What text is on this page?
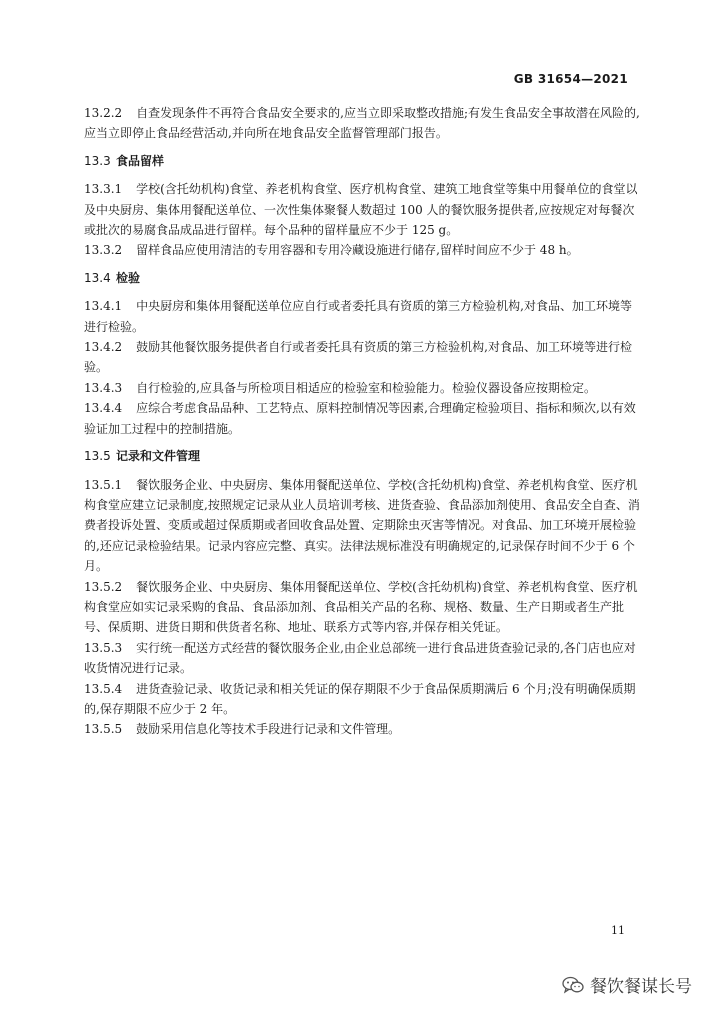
GB 31654—2021

13.2.2 自查发现条件不再符合食品安全要求的,应当立即采取整改措施;有发生食品安全事故潜在风险的,应当立即停止食品经营活动,并向所在地食品安全监督管理部门报告。

13.3 食品留样

13.3.1 学校(含托幼机构)食堂、养老机构食堂、医疗机构食堂、建筑工地食堂等集中用餐单位的食堂以及中央厨房、集体用餐配送单位、一次性集体聚餐人数超过 100 人的餐饮服务提供者,应按规定对每餐次或批次的易腐食品成品进行留样。每个品种的留样量应不少于 125 g。

13.3.2 留样食品应使用清洁的专用容器和专用冷藏设施进行储存,留样时间应不少于 48 h。

13.4 检验

13.4.1 中央厨房和集体用餐配送单位应自行或者委托具有资质的第三方检验机构,对食品、加工环境等进行检验。

13.4.2 鼓励其他餐饮服务提供者自行或者委托具有资质的第三方检验机构,对食品、加工环境等进行检验。

13.4.3 自行检验的,应具备与所检项目相适应的检验室和检验能力。检验仪器设备应按期检定。

13.4.4 应综合考虑食品品种、工艺特点、原料控制情况等因素,合理确定检验项目、指标和频次,以有效验证加工过程中的控制措施。

13.5 记录和文件管理

13.5.1 餐饮服务企业、中央厨房、集体用餐配送单位、学校(含托幼机构)食堂、养老机构食堂、医疗机构食堂应建立记录制度,按照规定记录从业人员培训考核、进货查验、食品添加剂使用、食品安全自查、消费者投诉处置、变质或超过保质期或者回收食品处置、定期除虫灭害等情况。对食品、加工环境开展检验的,还应记录检验结果。记录内容应完整、真实。法律法规标准没有明确规定的,记录保存时间不少于 6 个月。

13.5.2 餐饮服务企业、中央厨房、集体用餐配送单位、学校(含托幼机构)食堂、养老机构食堂、医疗机构食堂应如实记录采购的食品、食品添加剂、食品相关产品的名称、规格、数量、生产日期或者生产批号、保质期、进货日期和供货者名称、地址、联系方式等内容,并保存相关凭证。

13.5.3 实行统一配送方式经营的餐饮服务企业,由企业总部统一进行食品进货查验记录的,各门店也应对收货情况进行记录。

13.5.4 进货查验记录、收货记录和相关凭证的保存期限不少于食品保质期满后 6 个月;没有明确保质期的,保存期限不应少于 2 年。

13.5.5 鼓励采用信息化等技术手段进行记录和文件管理。

11
餐饮餐谋长号
